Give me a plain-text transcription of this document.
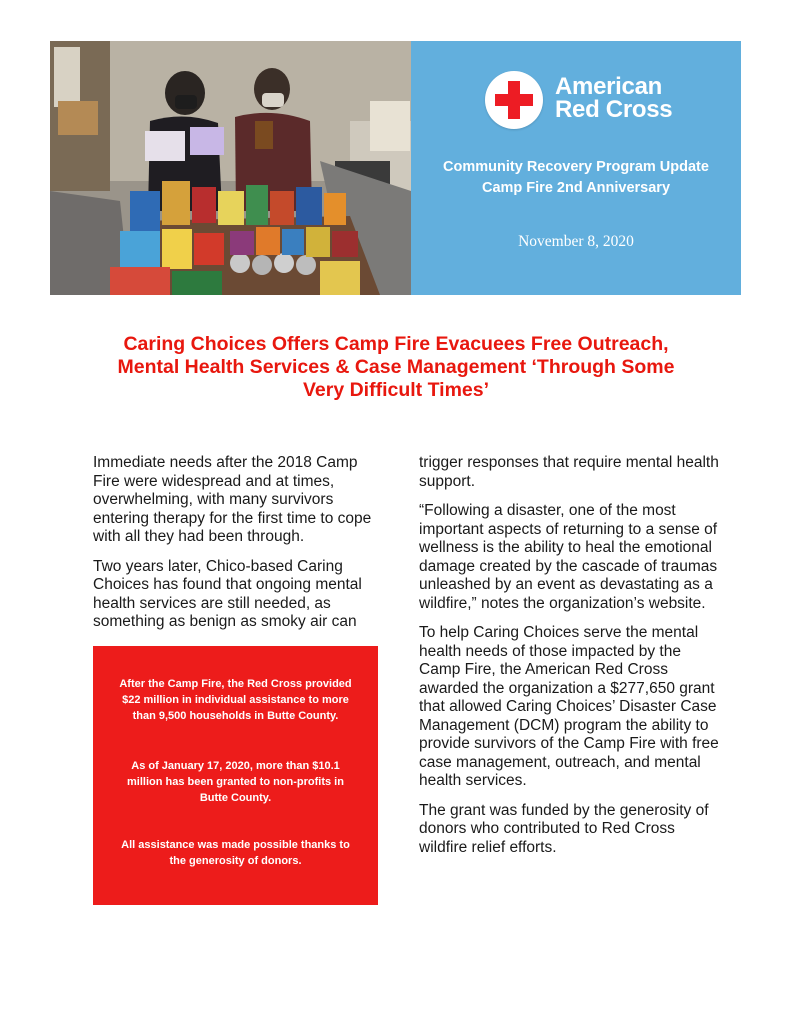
American
Red Cross
Community Recovery Program Update
Camp Fire 2nd Anniversary
November 8, 2020
Caring Choices Offers Camp Fire Evacuees Free Outreach,
Mental Health Services & Case Management ‘Through Some
Very Difficult Times’

Immediate needs after the 2018 Camp Fire were widespread and at times, overwhelming, with many survivors entering therapy for the first time to cope with all they had been through.

Two years later, Chico-based Caring Choices has found that ongoing mental health services are still needed, as something as benign as smoky air can

After the Camp Fire, the Red Cross provided $22 million in individual assistance to more than 9,500 households in Butte County.

As of January 17, 2020, more than $10.1 million has been granted to non-profits in Butte County.

All assistance was made possible thanks to the generosity of donors.

trigger responses that require mental health support.

“Following a disaster, one of the most important aspects of returning to a sense of wellness is the ability to heal the emotional damage created by the cascade of traumas unleashed by an event as devastating as a wildfire,” notes the organization’s website.

To help Caring Choices serve the mental health needs of those impacted by the Camp Fire, the American Red Cross awarded the organization a $277,650 grant that allowed Caring Choices’ Disaster Case Management (DCM) program the ability to provide survivors of the Camp Fire with free case management, outreach, and mental health services.

The grant was funded by the generosity of donors who contributed to Red Cross wildfire relief efforts.
